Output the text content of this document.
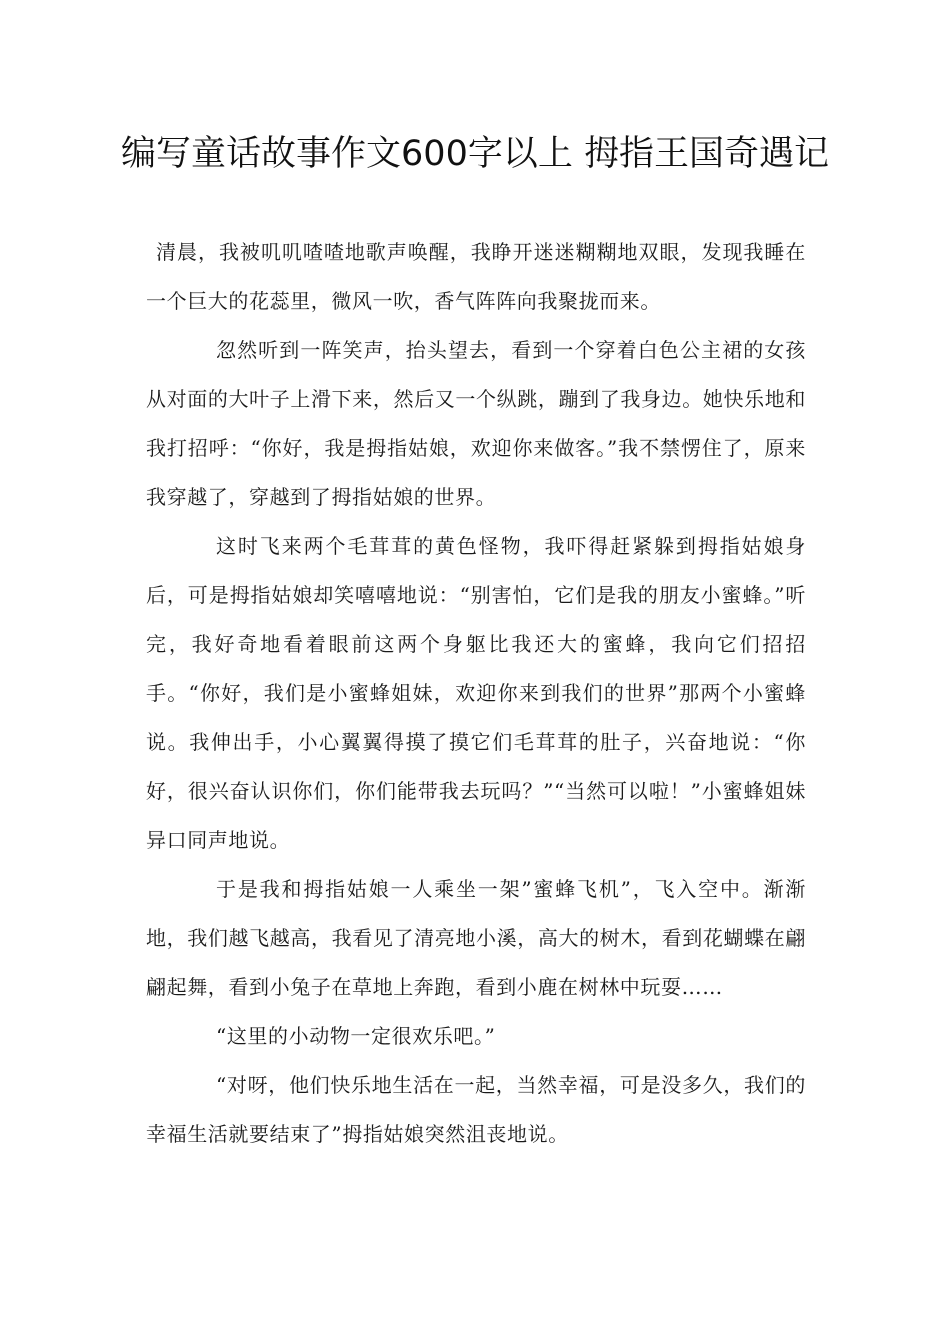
编写童话故事作文600字以上 拇指王国奇遇记

清晨，我被叽叽喳喳地歌声唤醒，我睁开迷迷糊糊地双眼，发现我睡在一个巨大的花蕊里，微风一吹，香气阵阵向我聚拢而来。

忽然听到一阵笑声，抬头望去，看到一个穿着白色公主裙的女孩从对面的大叶子上滑下来，然后又一个纵跳，蹦到了我身边。她快乐地和我打招呼：“你好，我是拇指姑娘，欢迎你来做客。”我不禁愣住了，原来我穿越了，穿越到了拇指姑娘的世界。

这时飞来两个毛茸茸的黄色怪物，我吓得赶紧躲到拇指姑娘身后，可是拇指姑娘却笑嘻嘻地说：“别害怕，它们是我的朋友小蜜蜂。”听完，我好奇地看着眼前这两个身躯比我还大的蜜蜂，我向它们招招手。“你好，我们是小蜜蜂姐妹，欢迎你来到我们的世界”那两个小蜜蜂说。我伸出手，小心翼翼得摸了摸它们毛茸茸的肚子，兴奋地说：“你好，很兴奋认识你们，你们能带我去玩吗？”“当然可以啦！”小蜜蜂姐妹异口同声地说。

于是我和拇指姑娘一人乘坐一架”蜜蜂飞机”，飞入空中。渐渐地，我们越飞越高，我看见了清亮地小溪，高大的树木，看到花蝴蝶在翩翩起舞，看到小兔子在草地上奔跑，看到小鹿在树林中玩耍……

“这里的小动物一定很欢乐吧。”

“对呀，他们快乐地生活在一起，当然幸福，可是没多久，我们的幸福生活就要结束了”拇指姑娘突然沮丧地说。
